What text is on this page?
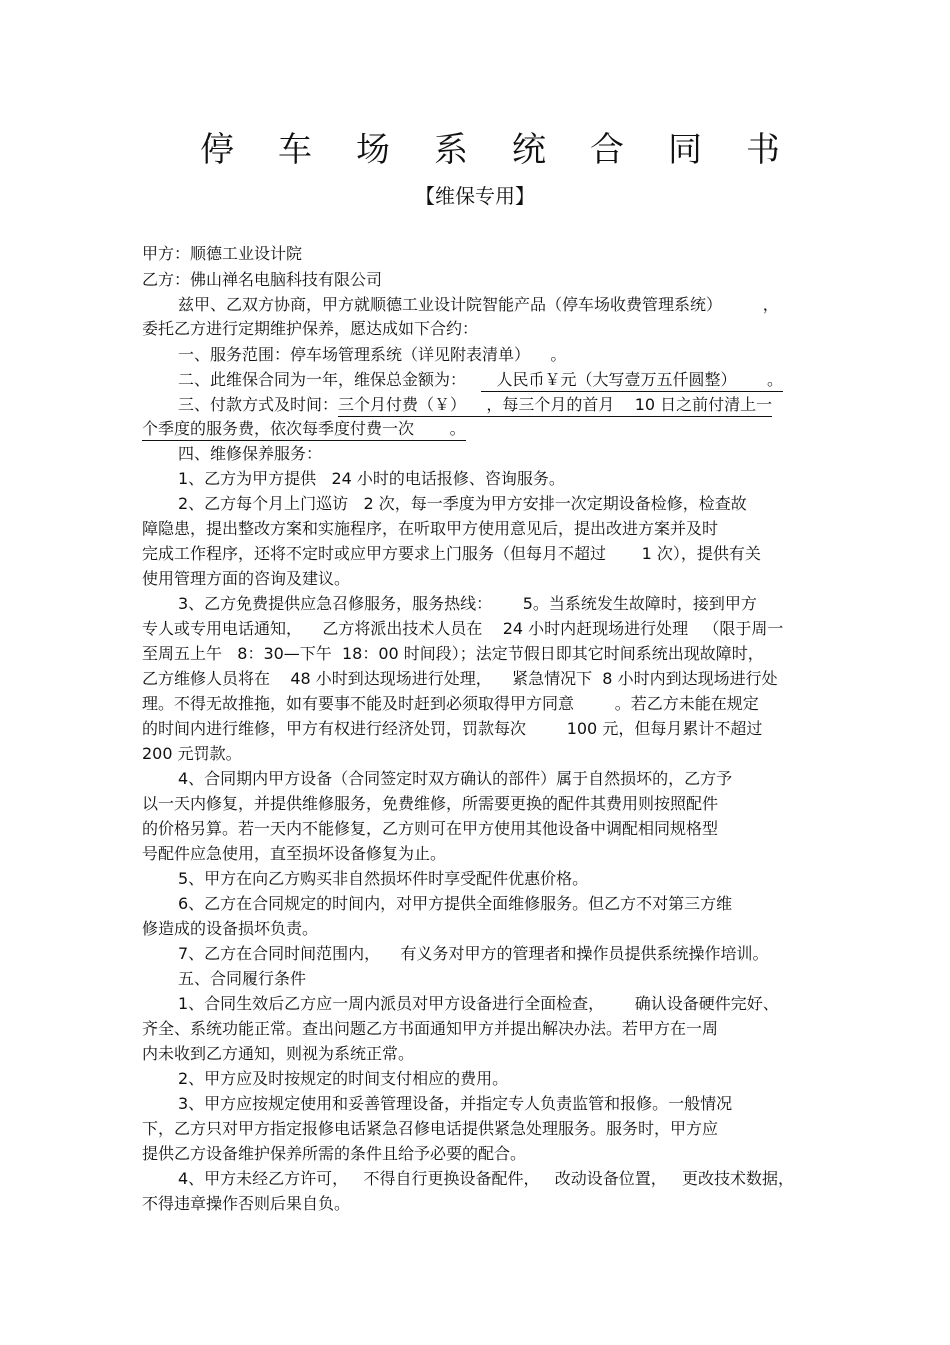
停 车 场 系 统 合 同 书
【维保专用】
甲方：顺德工业设计院
乙方：佛山禅名电脑科技有限公司
兹甲、乙双方协商，甲方就顺德工业设计院智能产品（停车场收费管理系统）        ，
委托乙方进行定期维护保养，愿达成如下合约：
一、服务范围：停车场管理系统（详见附表清单）    。
二、此维保合同为一年，维保总金额为：      人民币￥元（大写壹万五仟圆整）      。
三、付款方式及时间：三个月付费（￥）    ，每三个月的首月    10 日之前付清上一
个季度的服务费，依次每季度付费一次       。
四、维修保养服务：
1、乙方为甲方提供   24 小时的电话报修、咨询服务。
2、乙方每个月上门巡访   2 次，每一季度为甲方安排一次定期设备检修，检查故
障隐患，提出整改方案和实施程序，在听取甲方使用意见后，提出改进方案并及时
完成工作程序，还将不定时或应甲方要求上门服务（但每月不超过       1 次），提供有关
使用管理方面的咨询及建议。
3、乙方免费提供应急召修服务，服务热线：      5。当系统发生故障时，接到甲方
专人或专用电话通知，    乙方将派出技术人员在    24 小时内赶现场进行处理   （限于周一
至周五上午   8：30—下午  18：00 时间段）；法定节假日即其它时间系统出现故障时，
乙方维修人员将在    48 小时到达现场进行处理，    紧急情况下  8 小时内到达现场进行处
理。不得无故推拖，如有要事不能及时赶到必须取得甲方同意        。若乙方未能在规定
的时间内进行维修，甲方有权进行经济处罚，罚款每次        100 元，但每月累计不超过
200 元罚款。
4、合同期内甲方设备（合同签定时双方确认的部件）属于自然损坏的，乙方予
以一天内修复，并提供维修服务，免费维修，所需要更换的配件其费用则按照配件
的价格另算。若一天内不能修复，乙方则可在甲方使用其他设备中调配相同规格型
号配件应急使用，直至损坏设备修复为止。
5、甲方在向乙方购买非自然损坏件时享受配件优惠价格。
6、乙方在合同规定的时间内，对甲方提供全面维修服务。但乙方不对第三方维
修造成的设备损坏负责。
7、乙方在合同时间范围内，    有义务对甲方的管理者和操作员提供系统操作培训。
五、合同履行条件
1、合同生效后乙方应一周内派员对甲方设备进行全面检查，      确认设备硬件完好、
齐全、系统功能正常。查出问题乙方书面通知甲方并提出解决办法。若甲方在一周
内未收到乙方通知，则视为系统正常。
2、甲方应及时按规定的时间支付相应的费用。
3、甲方应按规定使用和妥善管理设备，并指定专人负责监管和报修。一般情况
下，乙方只对甲方指定报修电话紧急召修电话提供紧急处理服务。服务时，甲方应
提供乙方设备维护保养所需的条件且给予必要的配合。
4、甲方未经乙方许可，   不得自行更换设备配件，   改动设备位置，   更改技术数据，
不得违章操作否则后果自负。
